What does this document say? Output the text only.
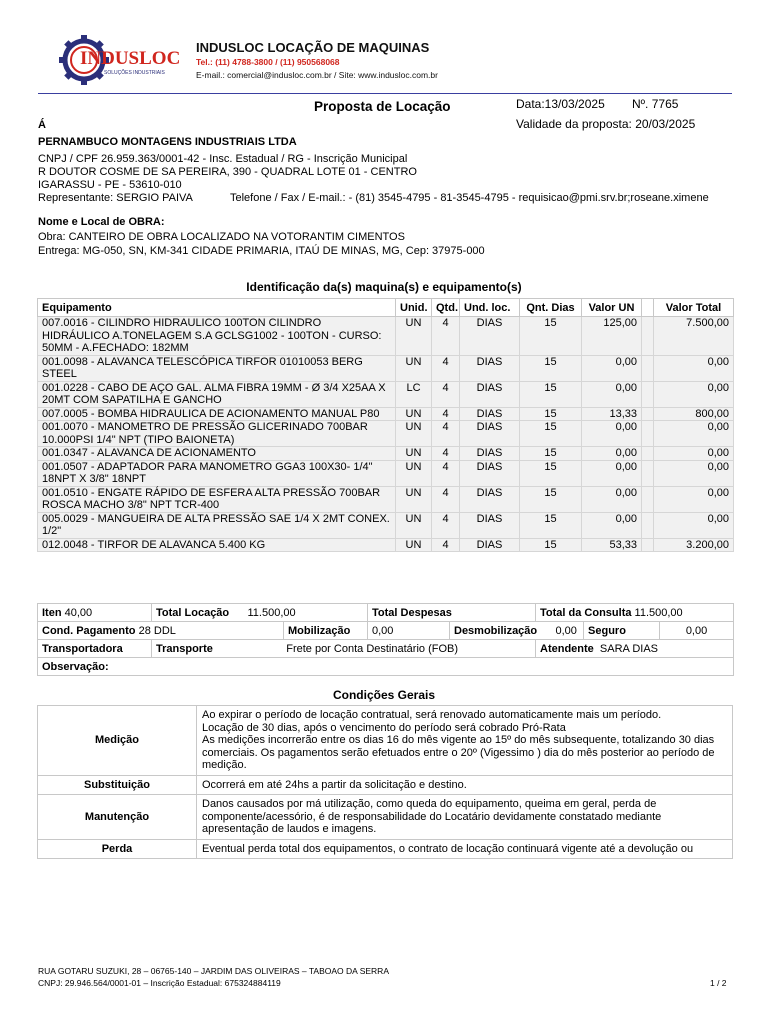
INDUSLOC
SOLUÇÕES INDUSTRIAIS
INDUSLOC LOCAÇÃO DE MAQUINAS
Tel.: (11) 4788-3800 / (11) 950568068
E-mail.: comercial@indusloc.com.br / Site: www.indusloc.com.br
Proposta de Locação	Data:13/03/2025 Nº. 7765
Validade da proposta: 20/03/2025
Á
PERNAMBUCO MONTAGENS INDUSTRIAIS LTDA
CNPJ / CPF 26.959.363/0001-42 - Insc. Estadual / RG - Inscrição Municipal
R DOUTOR COSME DE SA PEREIRA, 390 - QUADRAL LOTE 01 - CENTRO
IGARASSU - PE - 53610-010
Representante: SERGIO PAIVA	Telefone / Fax / E-mail.: - (81) 3545-4795 - 81-3545-4795 - requisicao@pmi.srv.br;roseane.ximene
Nome e Local de OBRA:
Obra: CANTEIRO DE OBRA LOCALIZADO NA VOTORANTIM CIMENTOS
Entrega: MG-050, SN, KM-341 CIDADE PRIMARIA, ITAÚ DE MINAS, MG, Cep: 37975-000
Identificação da(s) maquina(s) e equipamento(s)
Equipamento	Unid.	Qtd.	Und. loc.	Qnt. Dias	Valor UN		Valor Total
007.0016 - CILINDRO HIDRAULICO 100TON CILINDRO HIDRÁULICO A.TONELAGEM S.A GCLSG1002 - 100TON - CURSO: 50MM - A.FECHADO: 182MM	UN	4	DIAS	15	125,00		7.500,00
001.0098 - ALAVANCA TELESCÓPICA TIRFOR 01010053 BERG STEEL	UN	4	DIAS	15	0,00		0,00
001.0228 - CABO DE AÇO GAL. ALMA FIBRA 19MM - Ø 3/4 X25AA X 20MT COM SAPATILHA E GANCHO	LC	4	DIAS	15	0,00		0,00
007.0005 - BOMBA HIDRAULICA DE ACIONAMENTO MANUAL P80	UN	4	DIAS	15	13,33		800,00
001.0070 - MANOMETRO DE PRESSÃO GLICERINADO 700BAR 10.000PSI 1/4" NPT (TIPO BAIONETA)	UN	4	DIAS	15	0,00		0,00
001.0347 - ALAVANCA DE ACIONAMENTO	UN	4	DIAS	15	0,00		0,00
001.0507 - ADAPTADOR PARA MANOMETRO GGA3 100X30- 1/4" 18NPT X 3/8" 18NPT	UN	4	DIAS	15	0,00		0,00
001.0510 - ENGATE RÁPIDO DE ESFERA ALTA PRESSÃO 700BAR ROSCA MACHO 3/8" NPT TCR-400	UN	4	DIAS	15	0,00		0,00
005.0029 - MANGUEIRA DE ALTA PRESSÃO SAE 1/4 X 2MT CONEX. 1/2"	UN	4	DIAS	15	0,00		0,00
012.0048 - TIRFOR DE ALAVANCA 5.400 KG	UN	4	DIAS	15	53,33		3.200,00
Iten 40,00	Total Locação 11.500,00		Total Despesas		Total da Consulta 11.500,00		
Cond. Pagamento 28 DDL		Mobilização	0,00	Desmobilização 0,00		Seguro	0,00
Transportadora	Transporte Frete por Conta Destinatário (FOB)				Atendente SARA DIAS		
Observação:							
Condições Gerais
Medição	Ao expirar o período de locação contratual, será renovado automaticamente mais um período.
Locação de 30 dias, após o vencimento do período será cobrado Pró-Rata
As medições incorrerão entre os dias 16 do mês vigente ao 15º do mês subsequente, totalizando 30 dias comerciais. Os pagamentos serão efetuados entre o 20º (Vigessimo ) dia do mês posterior ao período de medição.

Substituição	Ocorrerá em até 24hs a partir da solicitação e destino.

Manutenção	Danos causados por má utilização, como queda do equipamento, queima em geral, perda de componente/acessório, é de responsabilidade do Locatário devidamente constatado mediante apresentação de laudos e imagens.

Perda	Eventual perda total dos equipamentos, o contrato de locação continuará vigente até a devolução ou
RUA GOTARU SUZUKI, 28 – 06765-140 – JARDIM DAS OLIVEIRAS – TABOAO DA SERRA
CNPJ: 29.946.564/0001-01 – Inscrição Estadual: 675324884119	1 / 2
